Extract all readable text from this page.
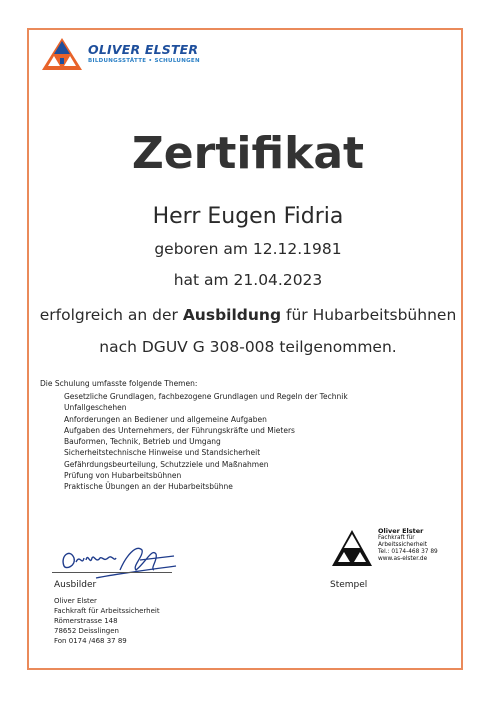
OLIVER ELSTER
BILDUNGSSTÄTTE • SCHULUNGEN
Zertifikat
Herr Eugen Fidria
geboren am 12.12.1981
hat am 21.04.2023
erfolgreich an der Ausbildung für Hubarbeitsbühnen
nach DGUV G 308-008 teilgenommen.
Die Schulung umfasste folgende Themen:
Gesetzliche Grundlagen, fachbezogene Grundlagen und Regeln der Technik
Unfallgeschehen
Anforderungen an Bediener und allgemeine Aufgaben
Aufgaben des Unternehmers, der Führungskräfte und Mieters
Bauformen, Technik, Betrieb und Umgang
Sicherheitstechnische Hinweise und Standsicherheit
Gefährdungsbeurteilung, Schutzziele und Maßnahmen
Prüfung von Hubarbeitsbühnen
Praktische Übungen an der Hubarbeitsbühne
Ausbilder
Oliver Elster
Fachkraft für Arbeitssicherheit
Römerstrasse 148
78652 Deisslingen
Fon 0174 /468 37 89
Oliver Elster
Fachkraft für
Arbeitssicherheit
Tel.: 0174-468 37 89
www.as-elster.de
Stempel
